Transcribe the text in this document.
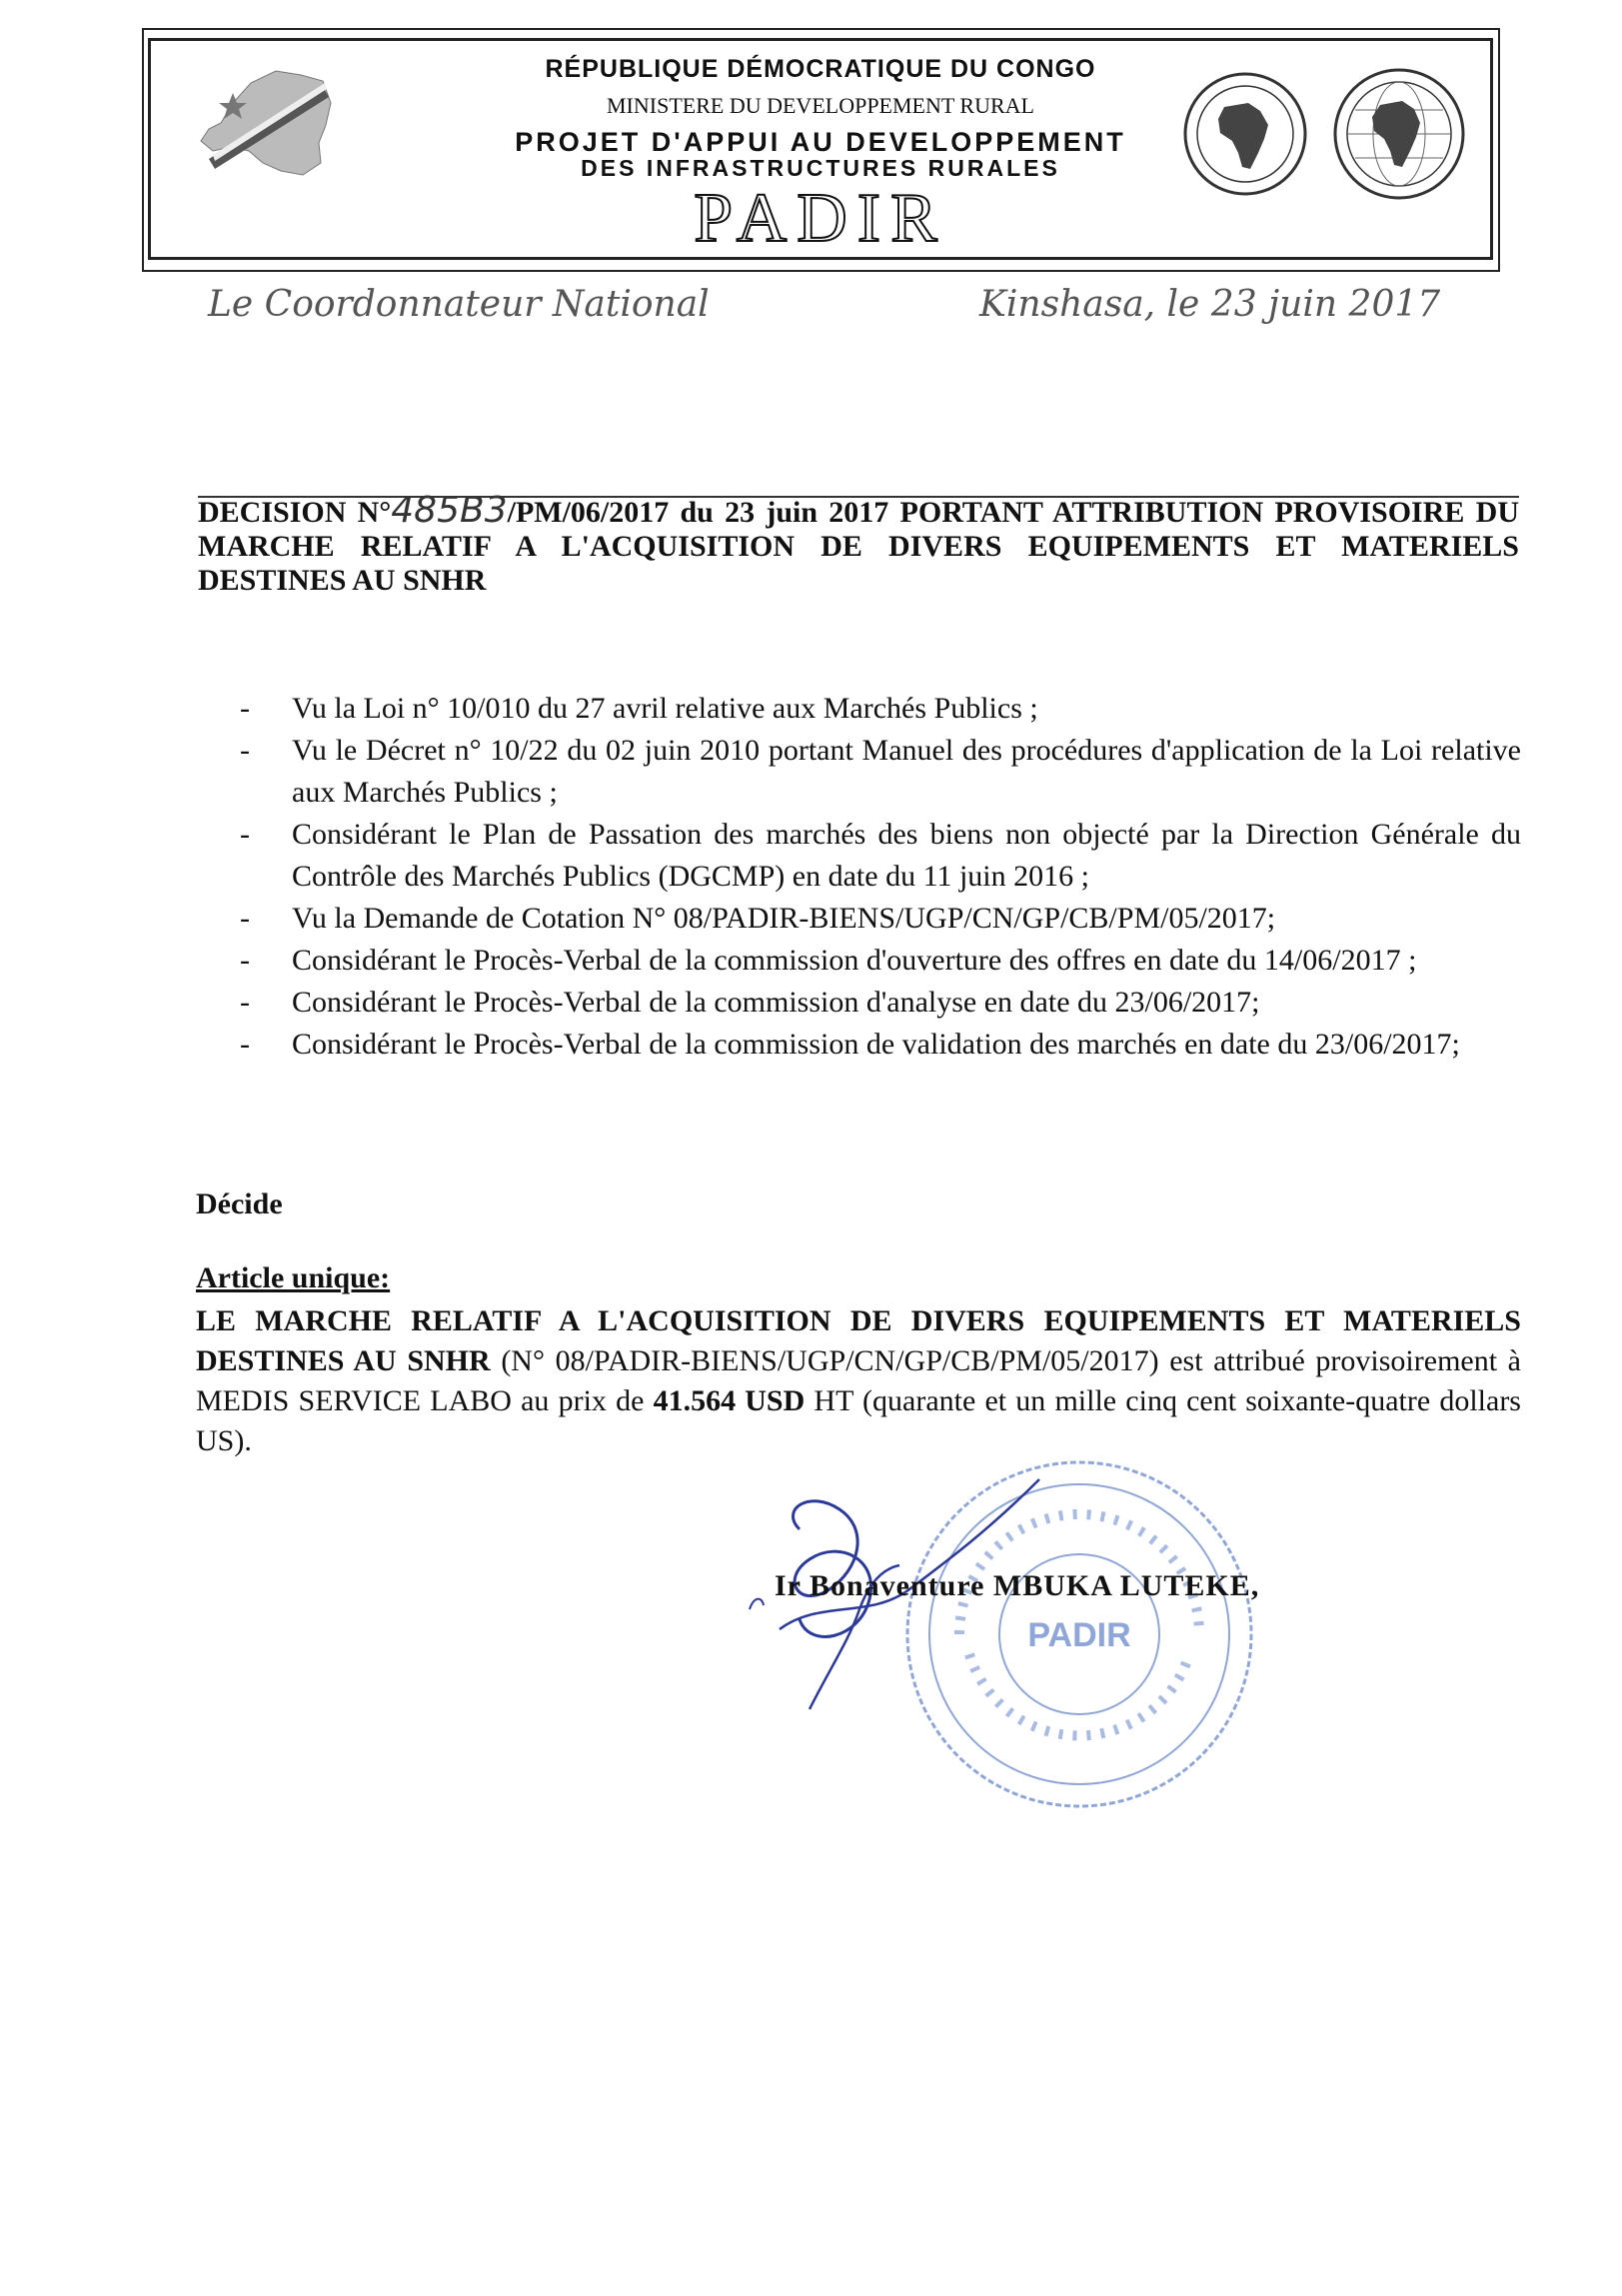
RÉPUBLIQUE DÉMOCRATIQUE DU CONGO
MINISTERE DU DEVELOPPEMENT RURAL
PROJET D'APPUI AU DEVELOPPEMENT
DES INFRASTRUCTURES RURALES
PADIR
Le Coordonnateur National	Kinshasa, le 23 juin 2017
DECISION N°485B3/PM/06/2017 du 23 juin 2017 PORTANT ATTRIBUTION PROVISOIRE DU MARCHE RELATIF A L'ACQUISITION DE DIVERS EQUIPEMENTS ET MATERIELS DESTINES AU SNHR
- Vu la Loi n° 10/010 du 27 avril relative aux Marchés Publics ;
- Vu le Décret n° 10/22 du 02 juin 2010 portant Manuel des procédures d'application de la Loi relative aux Marchés Publics ;
- Considérant le Plan de Passation des marchés des biens non objecté par la Direction Générale du Contrôle des Marchés Publics (DGCMP) en date du 11 juin 2016 ;
- Vu la Demande de Cotation N° 08/PADIR-BIENS/UGP/CN/GP/CB/PM/05/2017;
- Considérant le Procès-Verbal de la commission d'ouverture des offres en date du 14/06/2017 ;
- Considérant le Procès-Verbal de la commission d'analyse en date du 23/06/2017;
- Considérant le Procès-Verbal de la commission de validation des marchés en date du 23/06/2017;
Décide
Article unique:
LE MARCHE RELATIF A L'ACQUISITION DE DIVERS EQUIPEMENTS ET MATERIELS DESTINES AU SNHR (N° 08/PADIR-BIENS/UGP/CN/GP/CB/PM/05/2017) est attribué provisoirement à MEDIS SERVICE LABO au prix de 41.564 USD HT (quarante et un mille cinq cent soixante-quatre dollars US).
PADIR
Ir Bonaventure MBUKA LUTEKE,
